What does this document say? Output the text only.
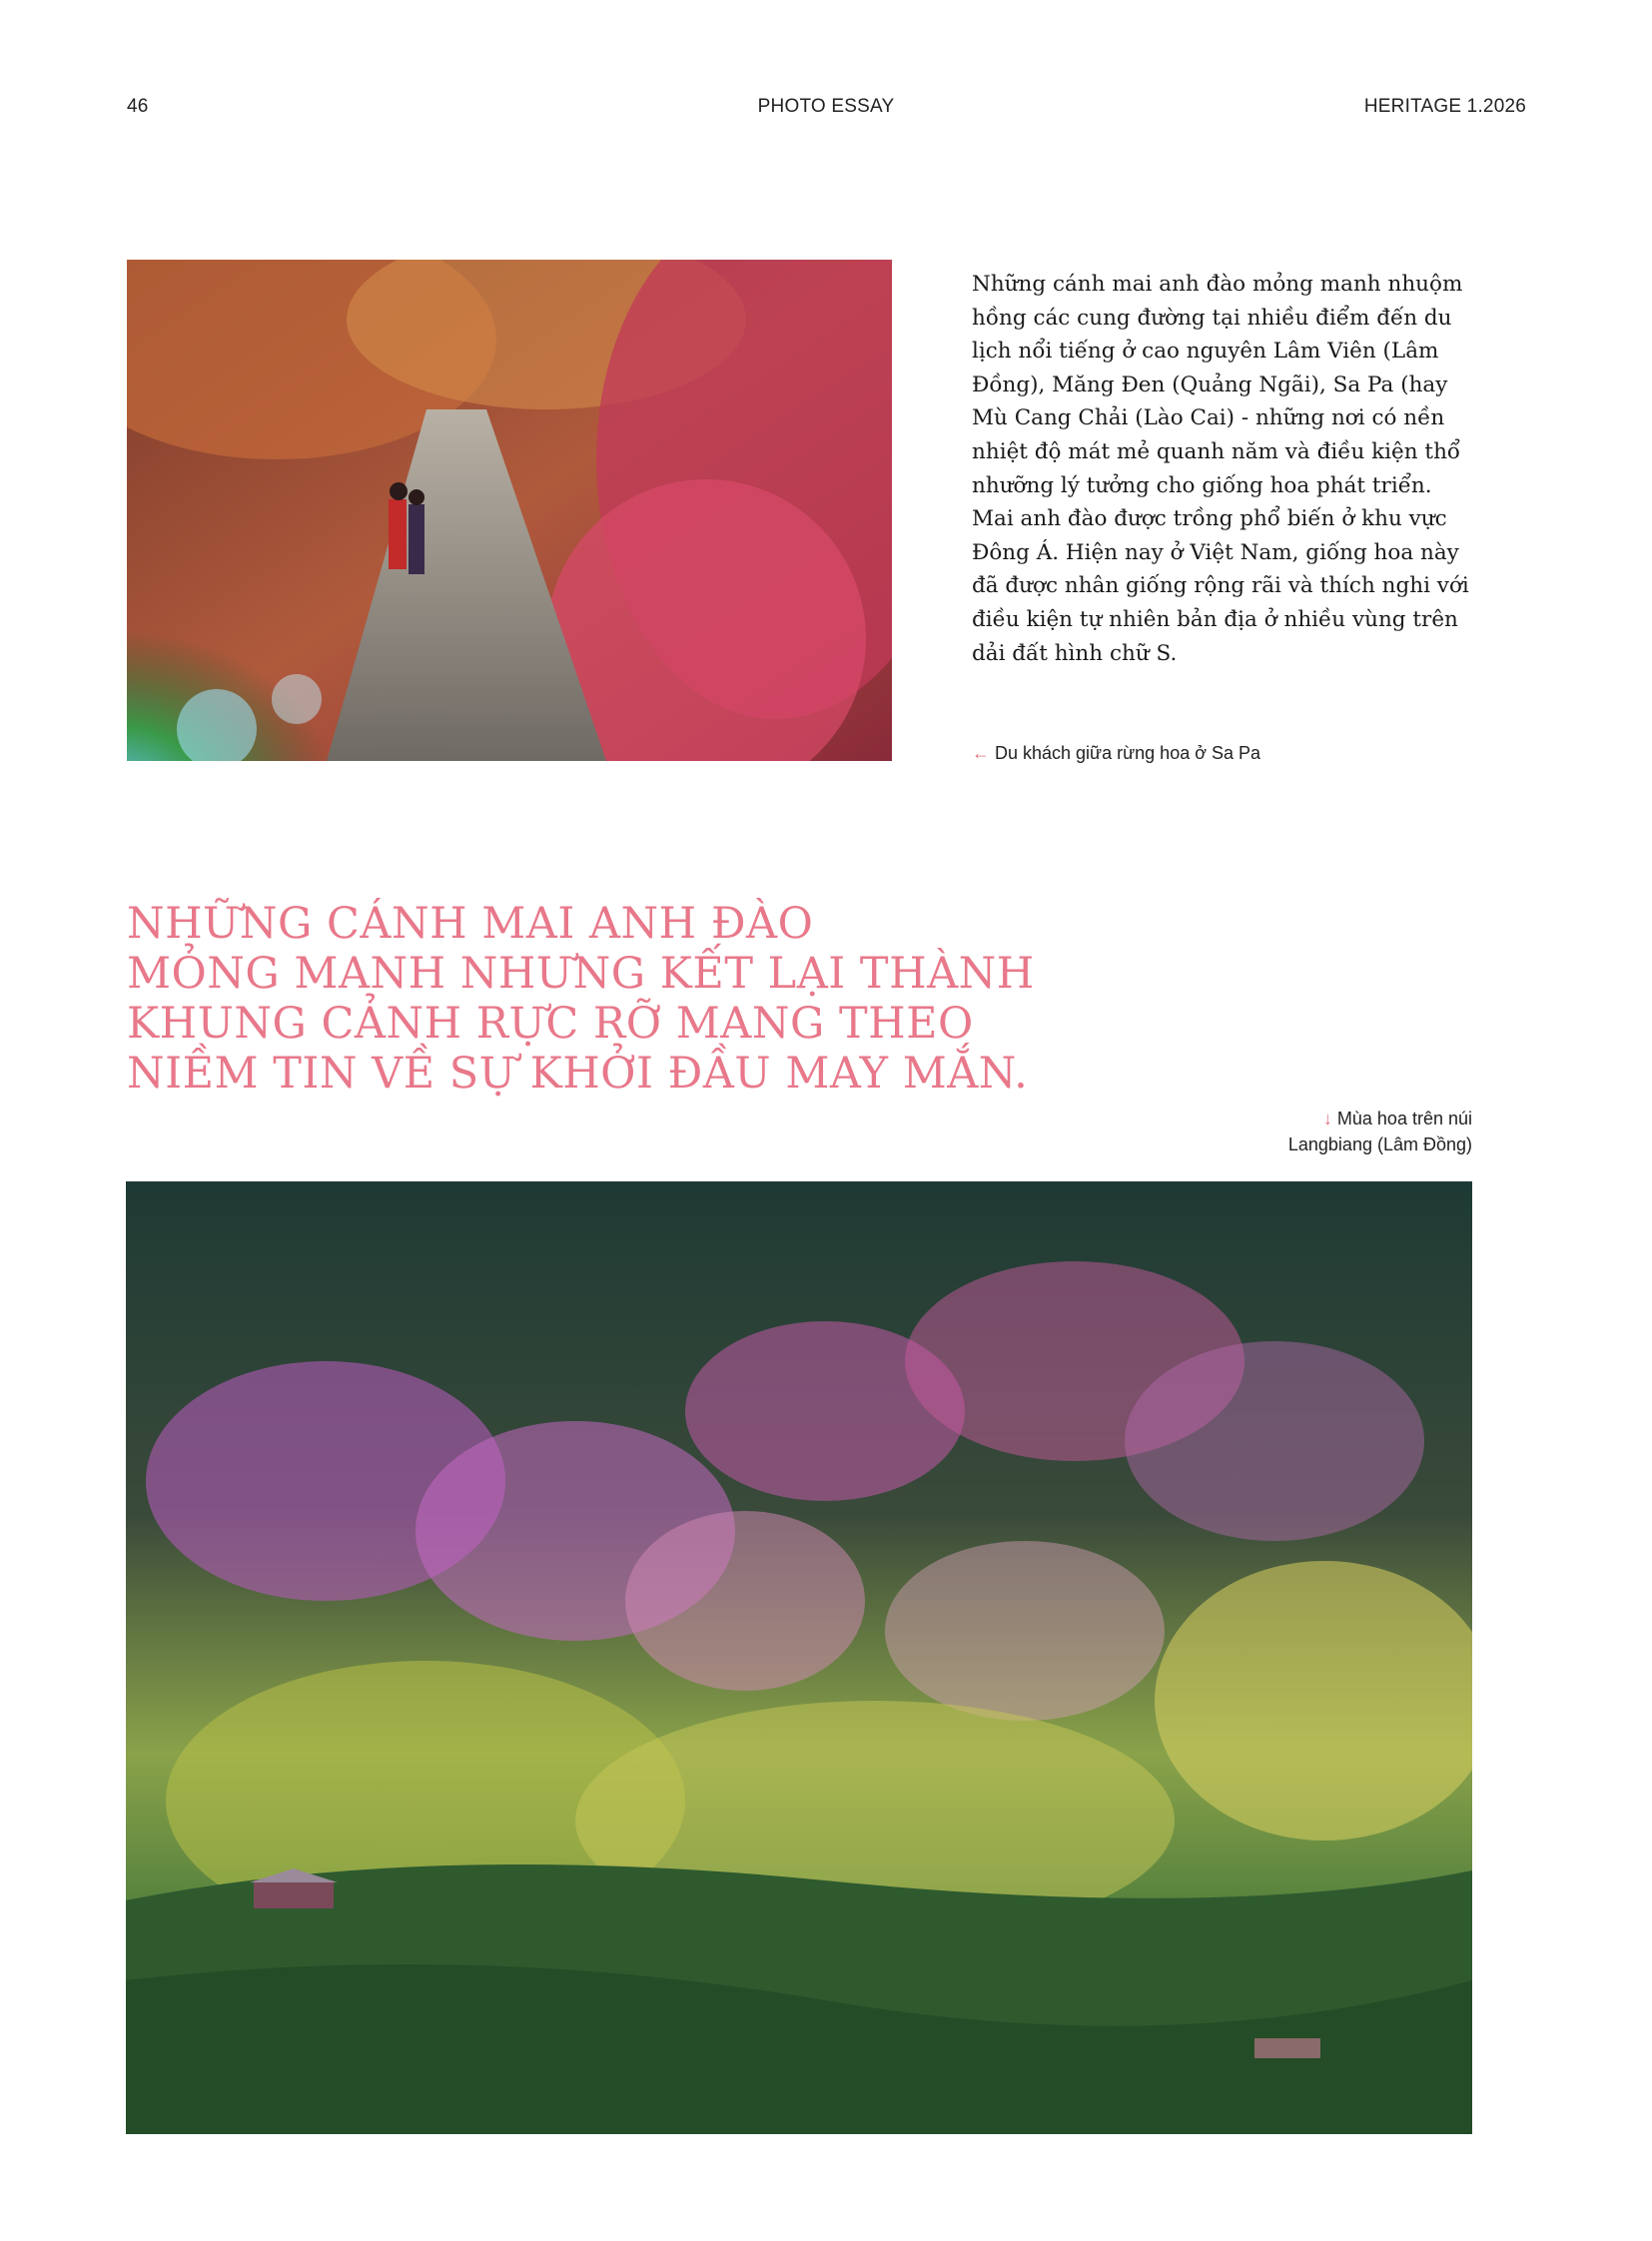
46	PHOTO ESSAY	HERITAGE 1.2026
Những cánh mai anh đào mỏng manh nhuộm hồng các cung đường tại nhiều điểm đến du lịch nổi tiếng ở cao nguyên Lâm Viên (Lâm Đồng), Măng Đen (Quảng Ngãi), Sa Pa (hay Mù Cang Chải (Lào Cai) - những nơi có nền nhiệt độ mát mẻ quanh năm và điều kiện thổ nhưỡng lý tưởng cho giống hoa phát triển. Mai anh đào được trồng phổ biến ở khu vực Đông Á. Hiện nay ở Việt Nam, giống hoa này đã được nhân giống rộng rãi và thích nghi với điều kiện tự nhiên bản địa ở nhiều vùng trên dải đất hình chữ S.
← Du khách giữa rừng hoa ở Sa Pa
NHỮNG CÁNH MAI ANH ĐÀO
MỎNG MANH NHƯNG KẾT LẠI THÀNH
KHUNG CẢNH RỰC RỠ MANG THEO
NIỀM TIN VỀ SỰ KHỞI ĐẦU MAY MẮN.
↓ Mùa hoa trên núi
Langbiang (Lâm Đồng)
